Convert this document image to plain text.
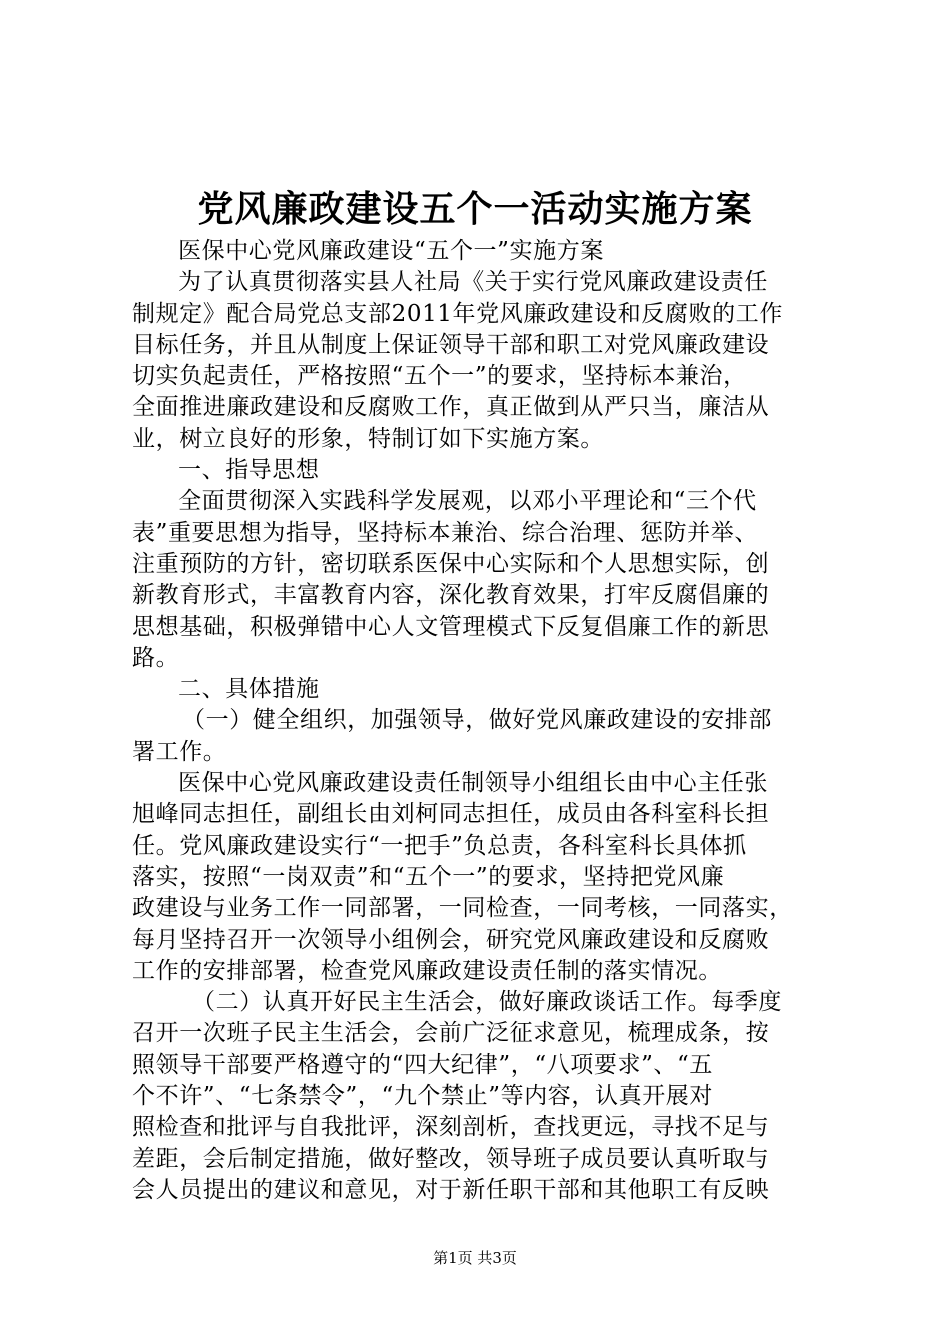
党风廉政建设五个一活动实施方案
医保中心党风廉政建设“五个一”实施方案
为了认真贯彻落实县人社局《关于实行党风廉政建设责任
制规定》配合局党总支部2011年党风廉政建设和反腐败的工作
目标任务，并且从制度上保证领导干部和职工对党风廉政建设
切实负起责任，严格按照“五个一”的要求，坚持标本兼治，
全面推进廉政建设和反腐败工作，真正做到从严只当，廉洁从
业，树立良好的形象，特制订如下实施方案。
一、指导思想
全面贯彻深入实践科学发展观，以邓小平理论和“三个代
表”重要思想为指导，坚持标本兼治、综合治理、惩防并举、
注重预防的方针，密切联系医保中心实际和个人思想实际，创
新教育形式，丰富教育内容，深化教育效果，打牢反腐倡廉的
思想基础，积极弹错中心人文管理模式下反复倡廉工作的新思
路。
二、具体措施
（一）健全组织，加强领导，做好党风廉政建设的安排部
署工作。
医保中心党风廉政建设责任制领导小组组长由中心主任张
旭峰同志担任，副组长由刘柯同志担任，成员由各科室科长担
任。党风廉政建设实行“一把手”负总责，各科室科长具体抓
落实，按照“一岗双责”和“五个一”的要求，坚持把党风廉
政建设与业务工作一同部署，一同检查，一同考核，一同落实，
每月坚持召开一次领导小组例会，研究党风廉政建设和反腐败
工作的安排部署，检查党风廉政建设责任制的落实情况。
（二）认真开好民主生活会，做好廉政谈话工作。每季度
召开一次班子民主生活会，会前广泛征求意见，梳理成条，按
照领导干部要严格遵守的“四大纪律”，“八项要求”、“五
个不许”、“七条禁令”，“九个禁止”等内容，认真开展对
照检查和批评与自我批评，深刻剖析，查找更远，寻找不足与
差距，会后制定措施，做好整改，领导班子成员要认真听取与
会人员提出的建议和意见，对于新任职干部和其他职工有反映
第1页 共3页
